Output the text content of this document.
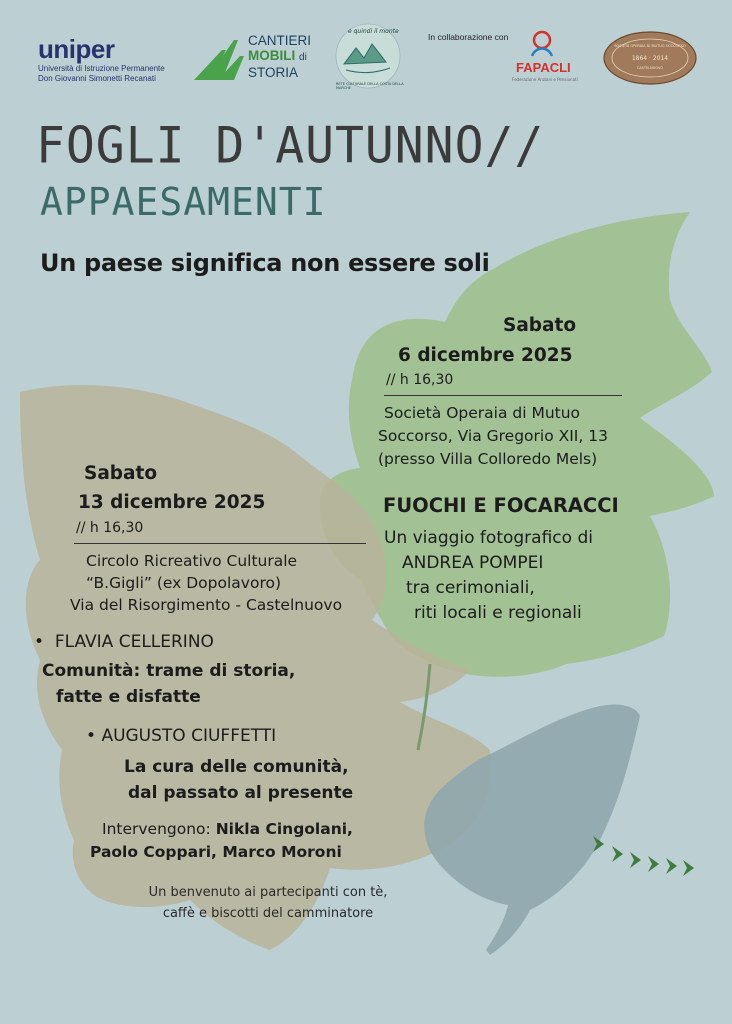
uniper
Università di Istruzione Permanente
Don Giovanni Simonetti Recanati
CANTIERI
MOBILI di
STORIA
e quindi il monte
RETE CULTURALE DELLA COSTA DELLA MARCHE
In collaborazione con
FAPACLI
Federazione Anziani e Pensionati
SOCIETÀ OPERAIA DI MUTUO SOCCORSO
1864 · 2014
CASTELNUOVO
FOGLI D'AUTUNNO//
APPAESAMENTI
Un paese significa non essere soli
Sabato
6 dicembre 2025
// h 16,30
Società Operaia di Mutuo
Soccorso, Via Gregorio XII, 13
(presso Villa Colloredo Mels)
FUOCHI E FOCARACCI
Un viaggio fotografico di
ANDREA POMPEI
tra cerimoniali,
riti locali e regionali
Sabato
13 dicembre 2025
// h 16,30
Circolo Ricreativo Culturale
“B.Gigli” (ex Dopolavoro)
Via del Risorgimento - Castelnuovo
• FLAVIA CELLERINO
Comunità: trame di storia,
fatte e disfatte
• AUGUSTO CIUFFETTI
La cura delle comunità,
dal passato al presente
Intervengono: Nikla Cingolani,
Paolo Coppari, Marco Moroni
Un benvenuto ai partecipanti con tè,
caffè e biscotti del camminatore
